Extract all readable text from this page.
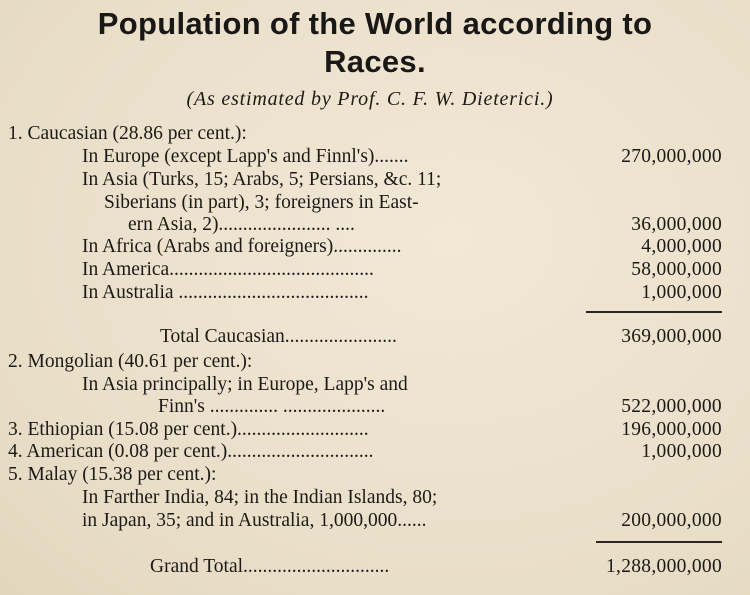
Population of the World according to
Races.
(As estimated by Prof. C. F. W. Dieterici.)
1. Caucasian (28.86 per cent.):
In Europe (except Lapp's and Finnl's).......	270,000,000
In Asia (Turks, 15; Arabs, 5; Persians, &c. 11;
Siberians (in part), 3; foreigners in East-
ern Asia, 2)....................... ....	36,000,000
In Africa (Arabs and foreigners)..............	4,000,000
In America..........................................	58,000,000
In Australia .......................................	1,000,000
Total Caucasian.......................	369,000,000
2. Mongolian (40.61 per cent.):
In Asia principally; in Europe, Lapp's and
Finn's .............. .....................	522,000,000
3. Ethiopian (15.08 per cent.)...........................	196,000,000
4. American (0.08 per cent.)..............................	1,000,000
5. Malay (15.38 per cent.):
In Farther India, 84; in the Indian Islands, 80;
in Japan, 35; and in Australia, 1,000,000......	200,000,000
Grand Total..............................	1,288,000,000
